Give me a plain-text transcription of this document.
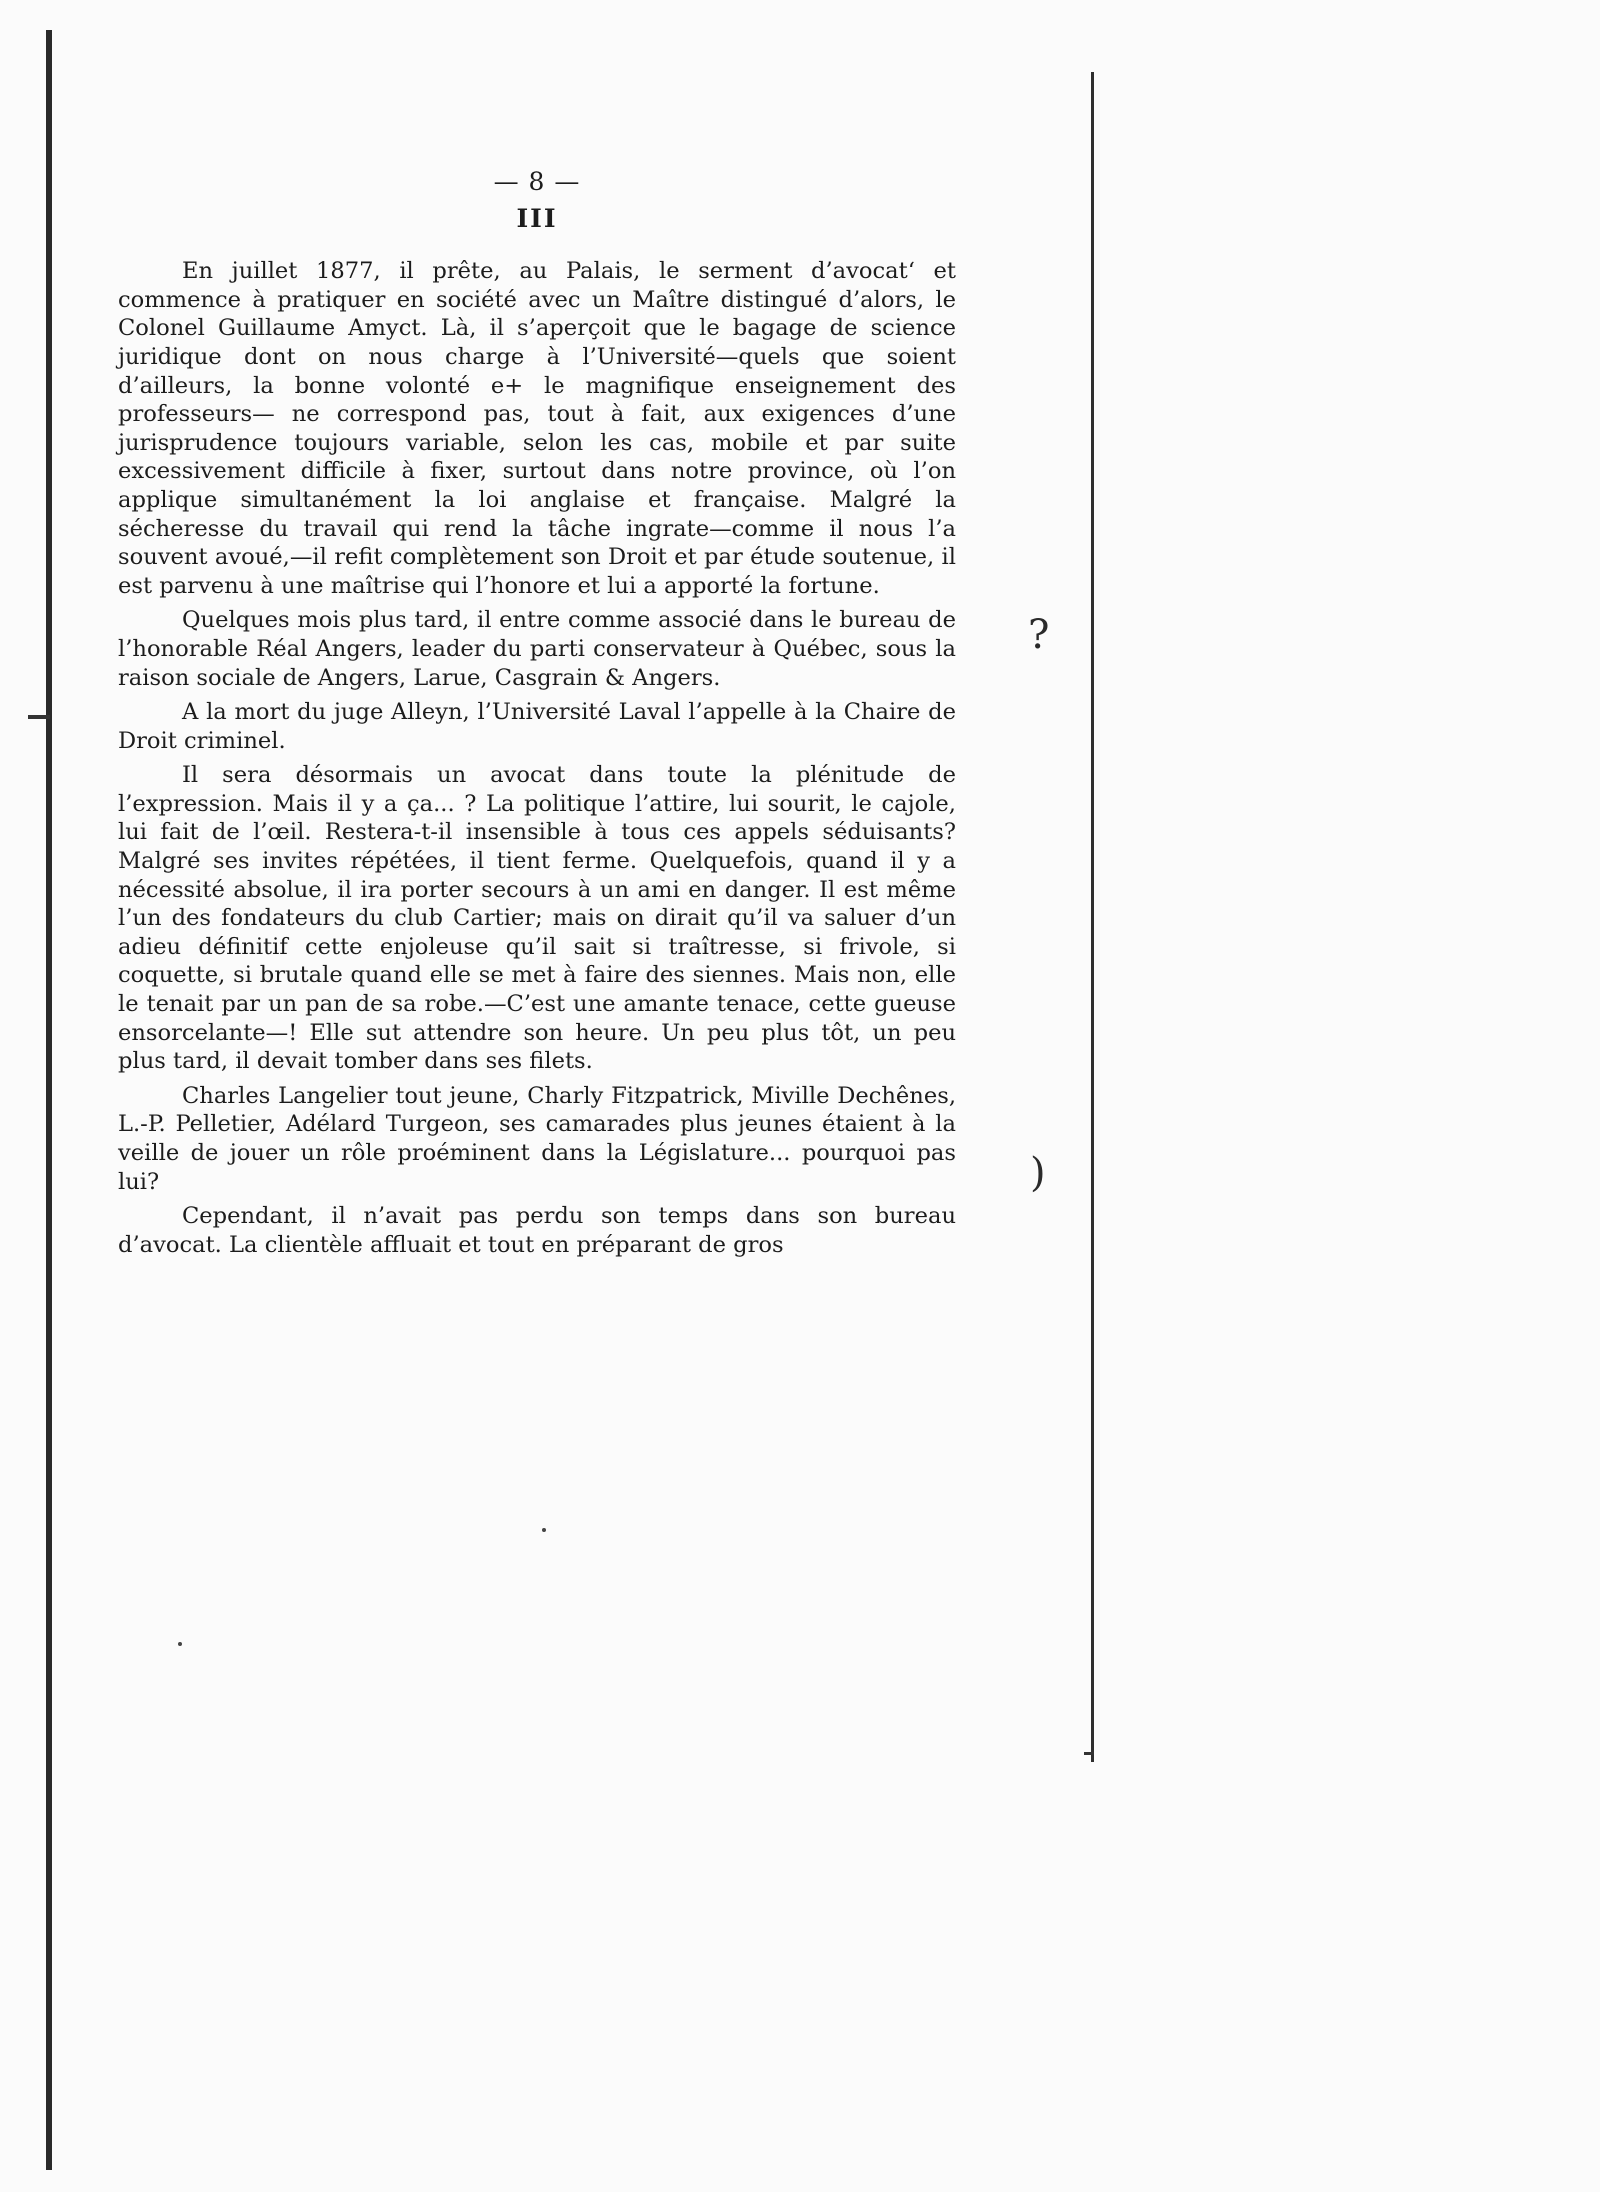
?
)
— 8 —
III

En juillet 1877, il prête, au Palais, le serment d’avocat‘ et commence à pratiquer en société avec un Maître distingué d’alors, le Colonel Guillaume Amyct. Là, il s’aperçoit que le bagage de science juridique dont on nous charge à l’Université—quels que soient d’ailleurs, la bonne volonté e+ le magnifique enseignement des professeurs— ne correspond pas, tout à fait, aux exigences d’une jurisprudence toujours variable, selon les cas, mobile et par suite excessivement difficile à fixer, surtout dans notre province, où l’on applique simultanément la loi anglaise et française. Malgré la sécheresse du travail qui rend la tâche ingrate—comme il nous l’a souvent avoué,—il refit complètement son Droit et par étude soutenue, il est parvenu à une maîtrise qui l’honore et lui a apporté la fortune.

Quelques mois plus tard, il entre comme associé dans le bureau de l’honorable Réal Angers, leader du parti conservateur à Québec, sous la raison sociale de Angers, Larue, Casgrain & Angers.

A la mort du juge Alleyn, l’Université Laval l’appelle à la Chaire de Droit criminel.

Il sera désormais un avocat dans toute la plénitude de l’expression. Mais il y a ça... ? La politique l’attire, lui sourit, le cajole, lui fait de l’œil. Restera-t-il insensible à tous ces appels séduisants? Malgré ses invites répétées, il tient ferme. Quelquefois, quand il y a nécessité absolue, il ira porter secours à un ami en danger. Il est même l’un des fondateurs du club Cartier; mais on dirait qu’il va saluer d’un adieu définitif cette enjoleuse qu’il sait si traîtresse, si frivole, si coquette, si brutale quand elle se met à faire des siennes. Mais non, elle le tenait par un pan de sa robe.—C’est une amante tenace, cette gueuse ensorcelante—! Elle sut attendre son heure. Un peu plus tôt, un peu plus tard, il devait tomber dans ses filets.

Charles Langelier tout jeune, Charly Fitzpatrick, Miville Dechênes, L.-P. Pelletier, Adélard Turgeon, ses camarades plus jeunes étaient à la veille de jouer un rôle proéminent dans la Législature... pourquoi pas lui?

Cependant, il n’avait pas perdu son temps dans son bureau d’avocat. La clientèle affluait et tout en préparant de gros
